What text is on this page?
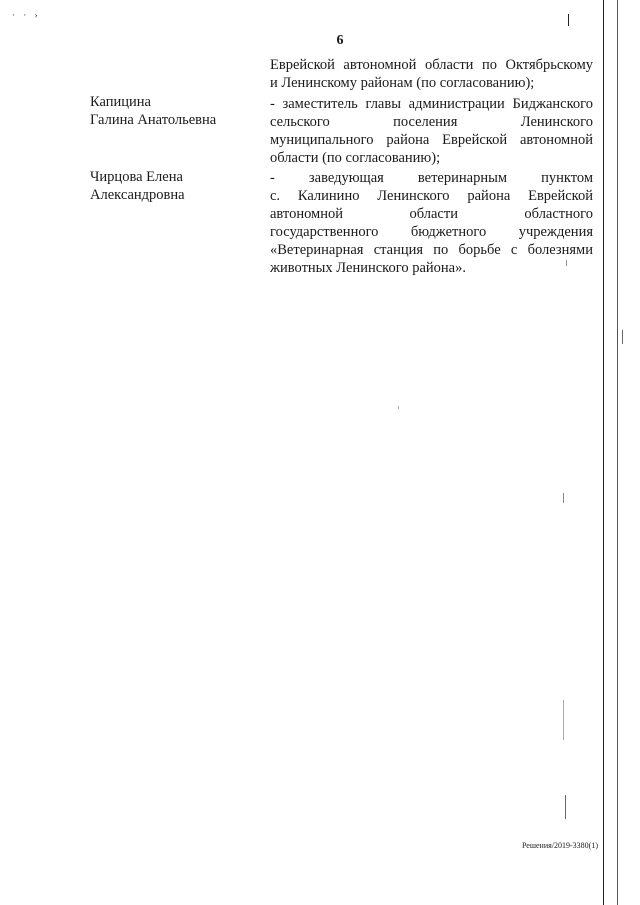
· · ›
6
Еврейской автономной области по Октябрьскому
и Ленинскому районам (по согласованию);
Капицина
Галина Анатольевна
- заместитель главы администрации Биджанского
сельского поселения Ленинского
муниципального района Еврейской автономной
области (по согласованию);
Чирцова Елена
Александровна
- заведующая ветеринарным пунктом
с. Калинино Ленинского района Еврейской
автономной области областного
государственного бюджетного учреждения
«Ветеринарная станция по борьбе с болезнями
животных Ленинского района».
Решения/2019-3380(1)
